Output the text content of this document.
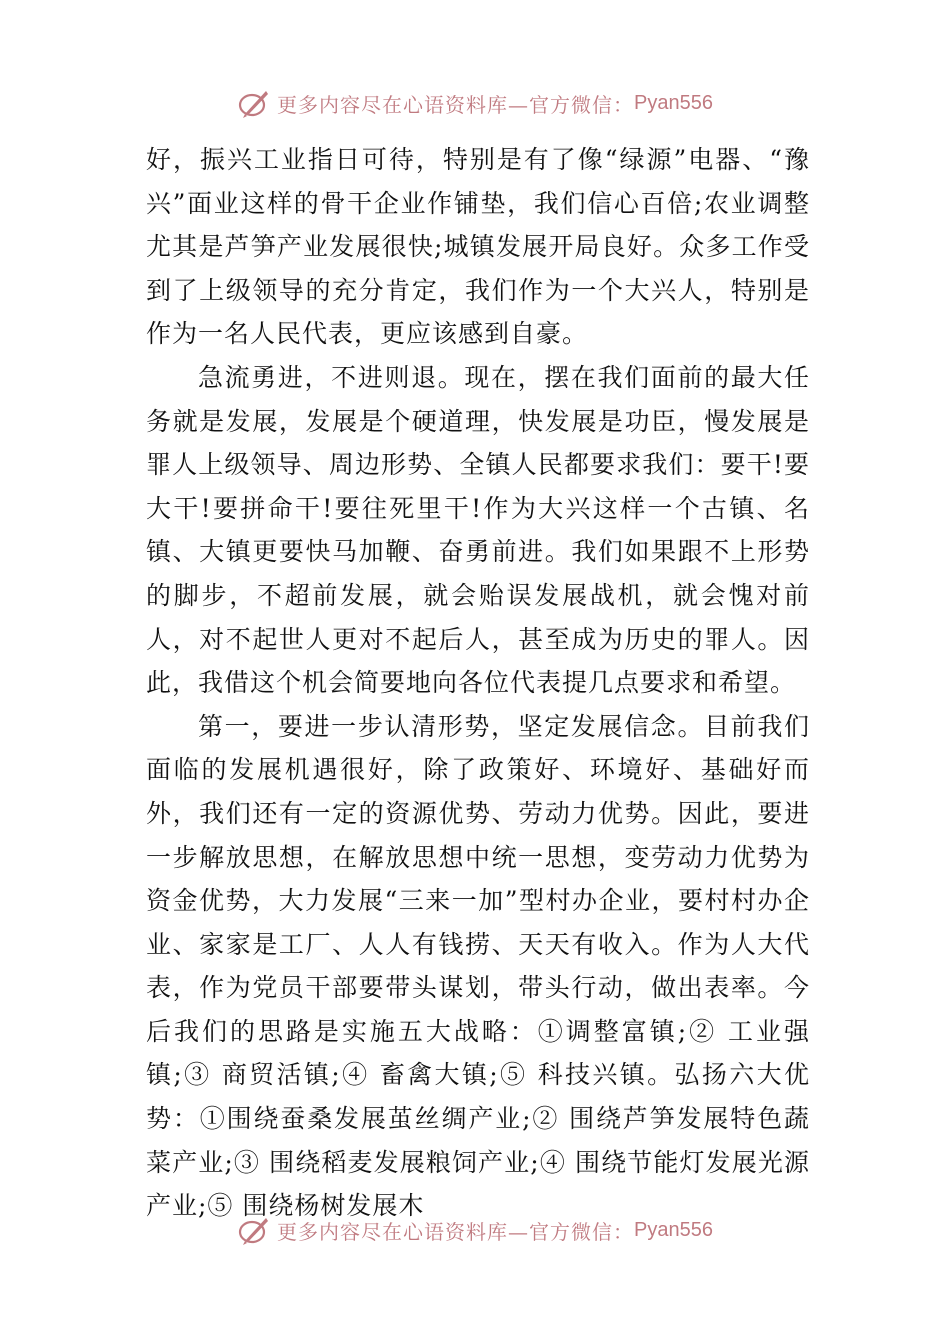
更多内容尽在心语资料库—官方微信： Pyan556

好，振兴工业指日可待，特别是有了像“绿源”电器、“豫兴”面业这样的骨干企业作铺垫，我们信心百倍;农业调整尤其是芦笋产业发展很快;城镇发展开局良好。众多工作受到了上级领导的充分肯定，我们作为一个大兴人，特别是作为一名人民代表，更应该感到自豪。

急流勇进，不进则退。现在，摆在我们面前的最大任务就是发展，发展是个硬道理，快发展是功臣，慢发展是罪人上级领导、周边形势、全镇人民都要求我们：要干!要大干!要拼命干!要往死里干!作为大兴这样一个古镇、名镇、大镇更要快马加鞭、奋勇前进。我们如果跟不上形势的脚步，不超前发展，就会贻误发展战机，就会愧对前人，对不起世人更对不起后人，甚至成为历史的罪人。因此，我借这个机会简要地向各位代表提几点要求和希望。

第一，要进一步认清形势，坚定发展信念。目前我们面临的发展机遇很好，除了政策好、环境好、基础好而外，我们还有一定的资源优势、劳动力优势。因此，要进一步解放思想，在解放思想中统一思想，变劳动力优势为资金优势，大力发展“三来一加”型村办企业，要村村办企业、家家是工厂、人人有钱捞、天天有收入。作为人大代表，作为党员干部要带头谋划，带头行动，做出表率。今后我们的思路是实施五大战略：①调整富镇;② 工业强镇;③ 商贸活镇;④ 畜禽大镇;⑤ 科技兴镇。弘扬六大优势：①围绕蚕桑发展茧丝绸产业;② 围绕芦笋发展特色蔬菜产业;③ 围绕稻麦发展粮饲产业;④ 围绕节能灯发展光源产业;⑤ 围绕杨树发展木

更多内容尽在心语资料库—官方微信： Pyan556
